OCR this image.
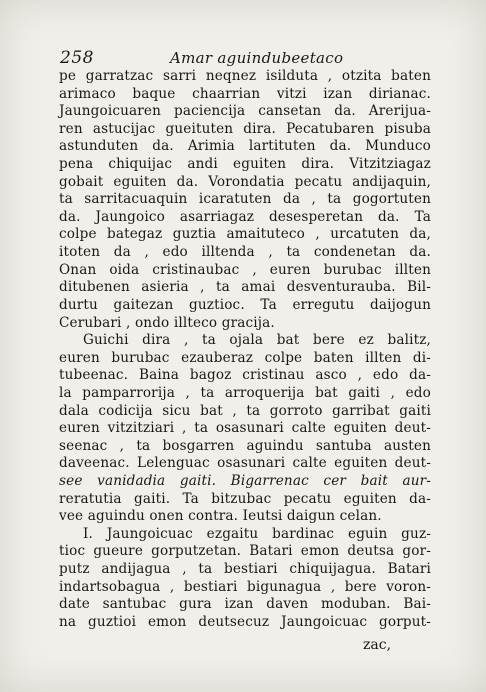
258	Amar aguindubeetaco
pe garratzac sarri neqnez isilduta , otzita baten
arimaco baque chaarrian vitzi izan dirianac.
Jaungoicuaren paciencija cansetan da. Arerijua-
ren astucijac gueituten dira. Pecatubaren pisuba
astunduten da. Arimia lartituten da. Munduco
pena chiquijac andi eguiten dira. Vitzitziagaz
gobait eguiten da. Vorondatia pecatu andijaquin,
ta sarritacuaquin icaratuten da , ta gogortuten
da. Jaungoico asarriagaz desesperetan da. Ta
colpe bategaz guztia amaituteco , urcatuten da,
itoten da , edo illtenda , ta condenetan da.
Onan oida cristinaubac , euren burubac illten
ditubenen asieria , ta amai desventurauba. Bil-
durtu gaitezan guztioc. Ta erregutu daijogun
Cerubari , ondo illteco gracija.
Guichi dira , ta ojala bat bere ez balitz,
euren burubac ezauberaz colpe baten illten di-
tubeenac. Baina bagoz cristinau asco , edo da-
la pamparrorija , ta arroquerija bat gaiti , edo
dala codicija sicu bat , ta gorroto garribat gaiti
euren vitzitziari , ta osasunari calte eguiten deut-
seenac , ta bosgarren aguindu santuba austen
daveenac. Lelenguac osasunari calte eguiten deut-
see vanidadia gaiti. Bigarrenac cer bait aur-
reratutia gaiti. Ta bitzubac pecatu eguiten da-
vee aguindu onen contra. Ieutsi daigun celan.
I. Jaungoicuac ezgaitu bardinac eguin guz-
tioc gueure gorputzetan. Batari emon deutsa gor-
putz andijagua , ta bestiari chiquijagua. Batari
indartsobagua , bestiari bigunagua , bere voron-
date santubac gura izan daven moduban. Bai-
na guztioi emon deutsecuz Jaungoicuac gorput-
zac,
